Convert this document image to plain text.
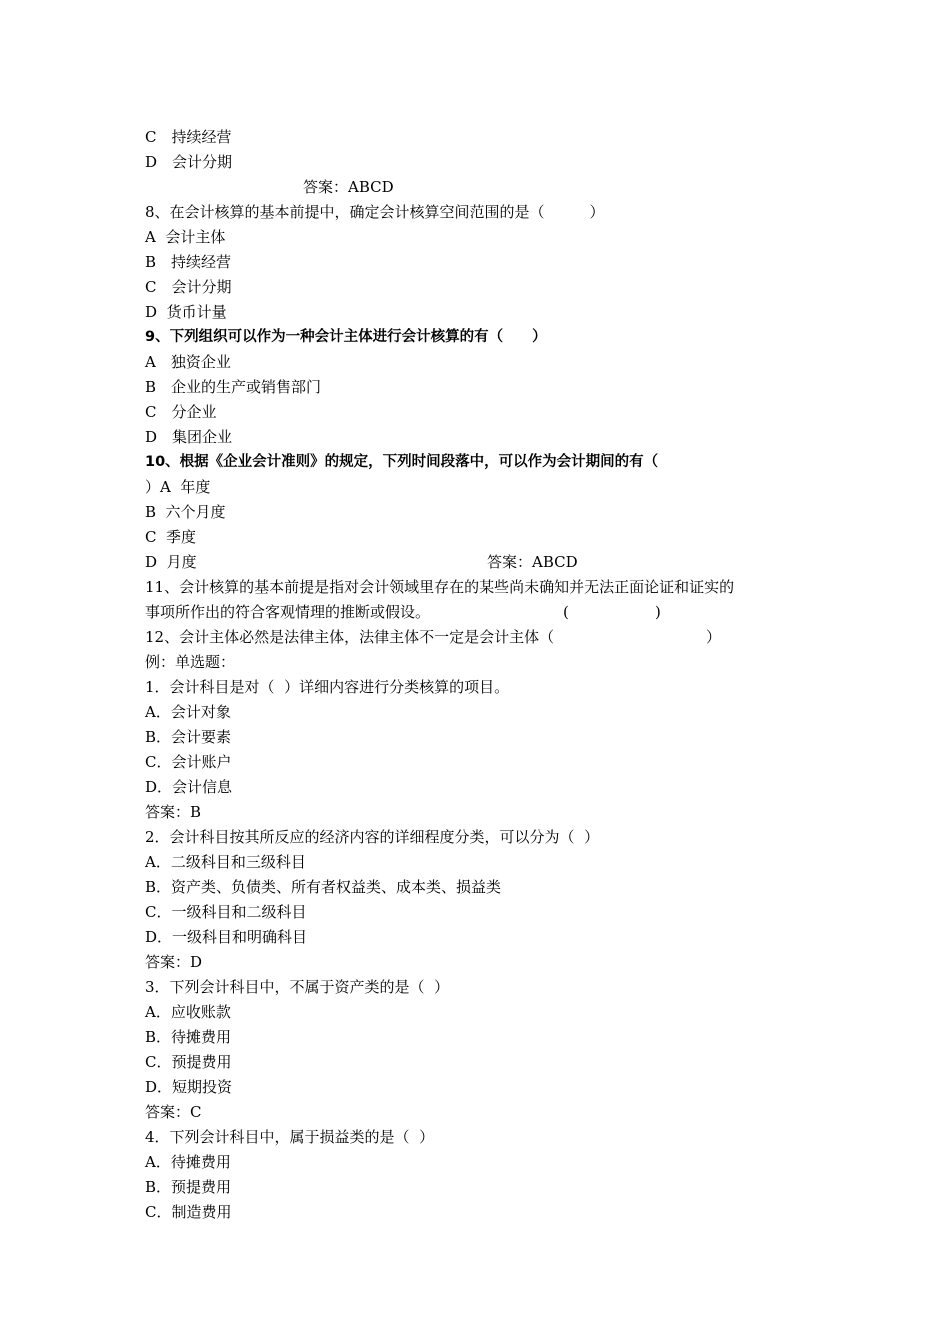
C　持续经营
D　会计分期
答案：ABCD
8、在会计核算的基本前提中，确定会计核算空间范围的是（　　　）
A  会计主体
B　持续经营
C　会计分期
D  货币计量
9、下列组织可以作为一种会计主体进行会计核算的有（　　）
A　独资企业
B　企业的生产或销售部门
C　分企业
D　集团企业
10、根据《企业会计准则》的规定，下列时间段落中，可以作为会计期间的有（
）A  年度
B  六个月度
C  季度
D  月度	答案：ABCD
11、会计核算的基本前提是指对会计领域里存在的某些尚未确知并无法正面论证和证实的
事项所作出的符合客观情理的推断或假设。	(	)
12、会计主体必然是法律主体，法律主体不一定是会计主体（	）
例：单选题：
1．会计科目是对（  ）详细内容进行分类核算的项目。
A．会计对象
B．会计要素
C．会计账户
D．会计信息
答案：B
2．会计科目按其所反应的经济内容的详细程度分类，可以分为（  ）
A．二级科目和三级科目
B．资产类、负债类、所有者权益类、成本类、损益类
C．一级科目和二级科目
D．一级科目和明确科目
答案：D
3．下列会计科目中，不属于资产类的是（  ）
A．应收账款
B．待摊费用
C．预提费用
D．短期投资
答案：C
4．下列会计科目中，属于损益类的是（  ）
A．待摊费用
B．预提费用
C．制造费用
